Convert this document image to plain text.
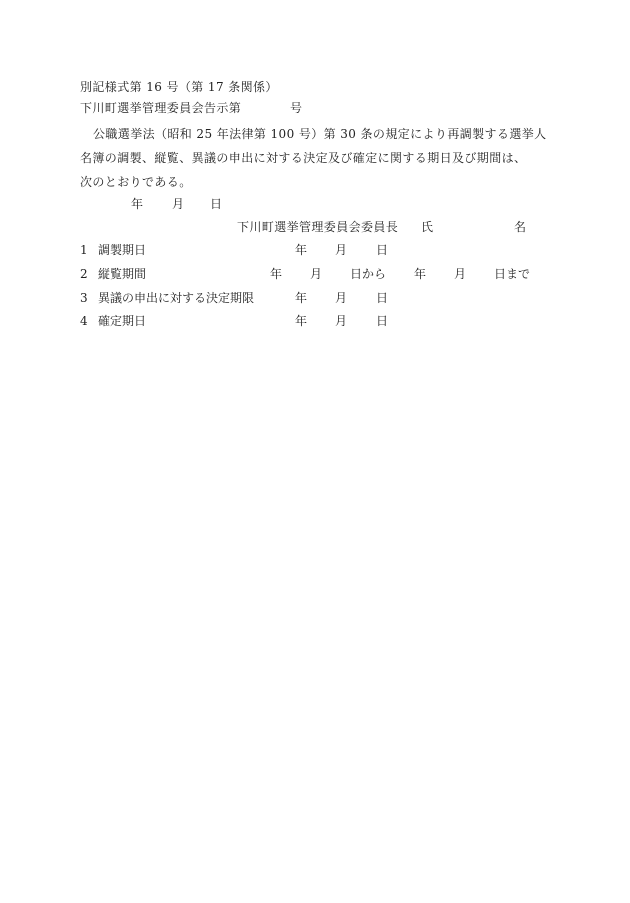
別記様式第 16 号（第 17 条関係）
下川町選挙管理委員会告示第	号
公職選挙法（昭和 25 年法律第 100 号）第 30 条の規定により再調製する選挙人
名簿の調製、縦覧、異議の申出に対する決定及び確定に関する期日及び期間は、
次のとおりである。
年 月 日
下川町選挙管理委員会委員長 氏	名
1 調製期日	年 月 日
2 縦覧期間	年 月 日から 年 月 日まで
3 異議の申出に対する決定期限	年 月 日
4 確定期日	年 月 日
